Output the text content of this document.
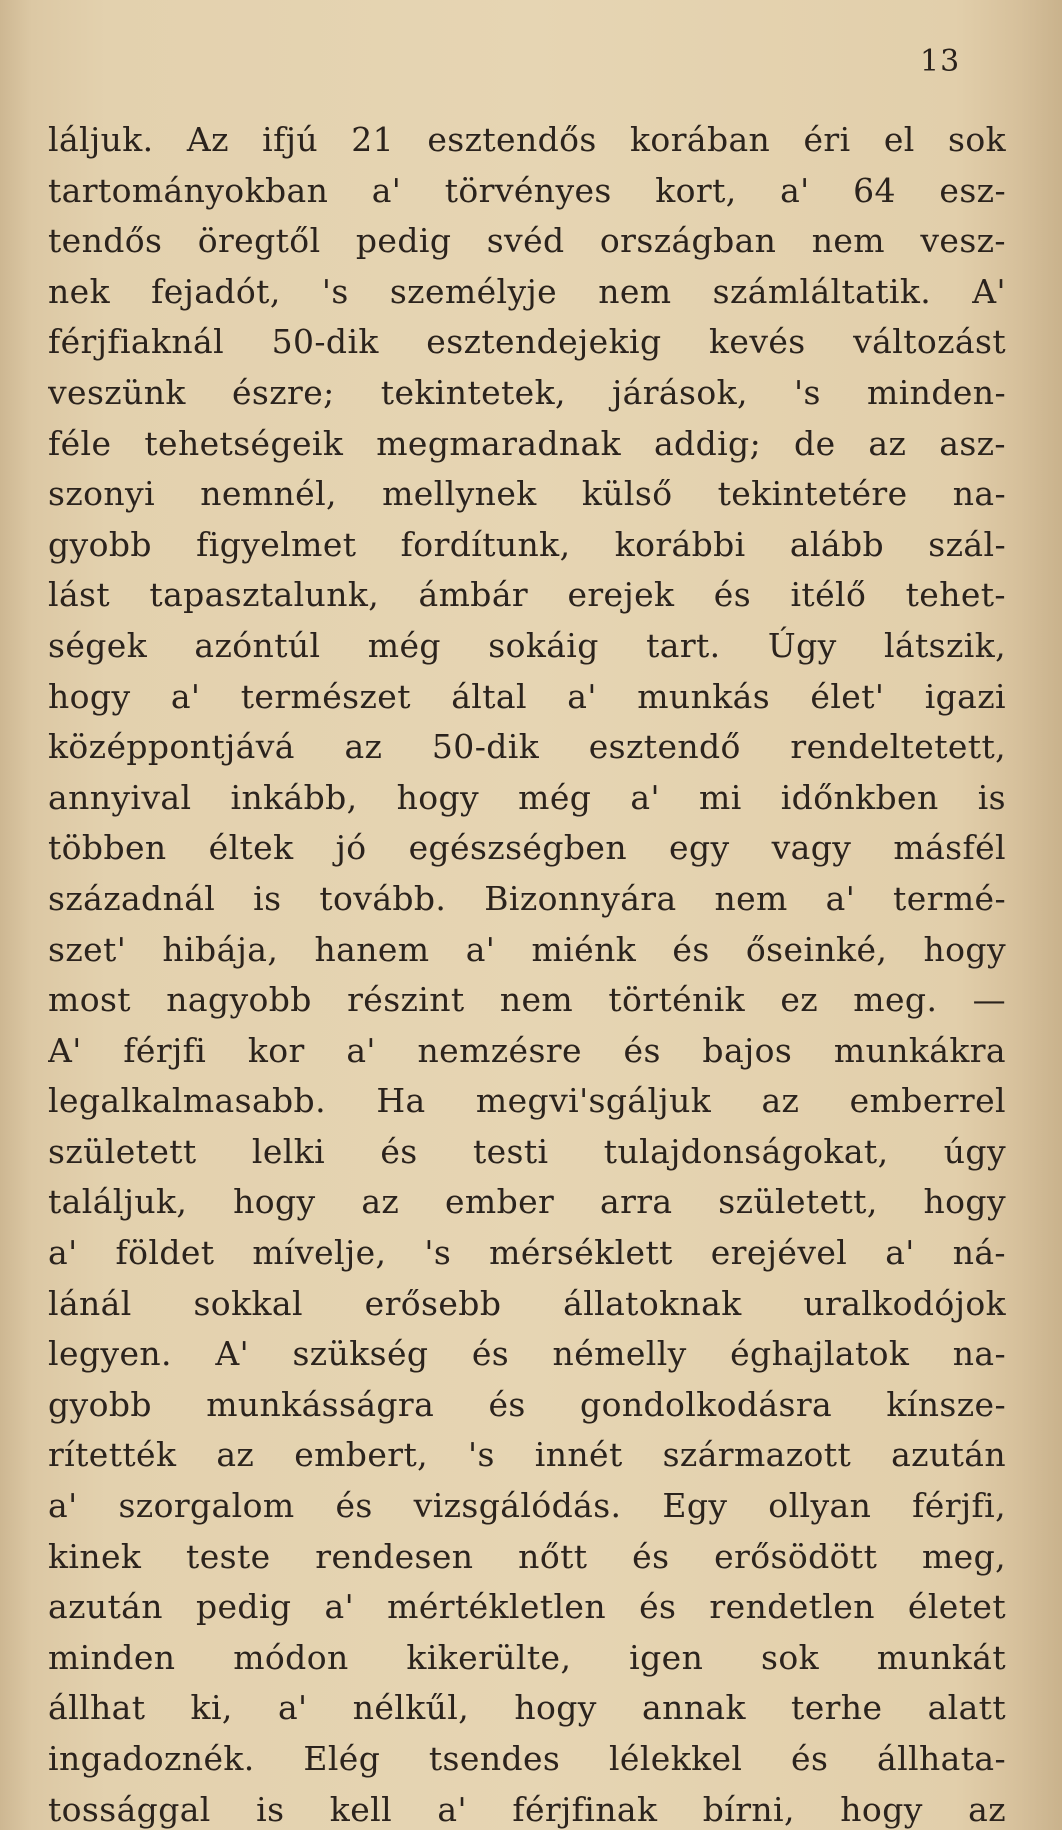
13
láljuk. Az ifjú 21 esztendős korában éri el sok
tartományokban a' törvényes kort, a' 64 esz-
tendős öregtől pedig svéd országban nem vesz-
nek fejadót, 's személyje nem számláltatik. A'
férjfiaknál 50-dik esztendejekig kevés változást
veszünk észre; tekintetek, járások, 's minden-
féle tehetségeik megmaradnak addig; de az asz-
szonyi nemnél, mellynek külső tekintetére na-
gyobb figyelmet fordítunk, korábbi alább szál-
lást tapasztalunk, ámbár erejek és itélő tehet-
ségek azóntúl még sokáig tart. Úgy látszik,
hogy a' természet által a' munkás élet' igazi
középpontjává az 50-dik esztendő rendeltetett,
annyival inkább, hogy még a' mi időnkben is
többen éltek jó egészségben egy vagy másfél
századnál is tovább. Bizonnyára nem a' termé-
szet' hibája, hanem a' miénk és őseinké, hogy
most nagyobb részint nem történik ez meg. —
A' férjfi kor a' nemzésre és bajos munkákra
legalkalmasabb. Ha megvi'sgáljuk az emberrel
született lelki és testi tulajdonságokat, úgy
találjuk, hogy az ember arra született, hogy
a' földet mívelje, 's mérséklett erejével a' ná-
lánál sokkal erősebb állatoknak uralkodójok
legyen. A' szükség és némelly éghajlatok na-
gyobb munkásságra és gondolkodásra kínsze-
rítették az embert, 's innét származott azután
a' szorgalom és vizsgálódás. Egy ollyan férjfi,
kinek teste rendesen nőtt és erősödött meg,
azután pedig a' mértékletlen és rendetlen életet
minden módon kikerülte, igen sok munkát
állhat ki, a' nélkűl, hogy annak terhe alatt
ingadoznék. Elég tsendes lélekkel és állhata-
tossággal is kell a' férjfinak bírni, hogy az
